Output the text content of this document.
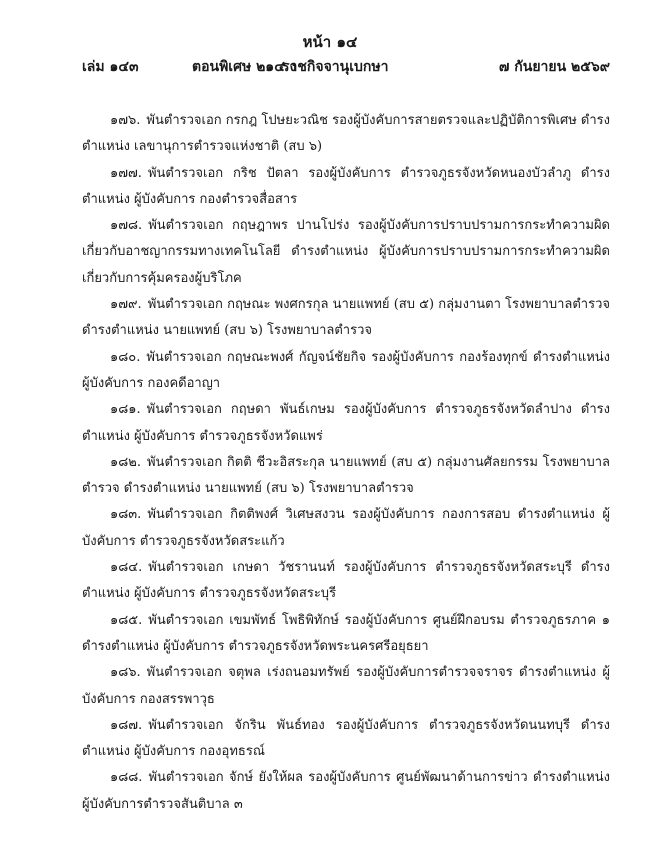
หน้า ๑๔
เล่ม ๑๔๓	ตอนพิเศษ ๒๑๔ ง
ราชกิจจานุเบกษา	๗ กันยายน ๒๕๖๙

๑๗๖. พันตำรวจเอก กรกฎ โปษยะวณิช รองผู้บังคับการสายตรวจและปฏิบัติการพิเศษ ดำรงตำแหน่ง เลขานุการตำรวจแห่งชาติ (สบ ๖)

๑๗๗. พันตำรวจเอก กริช ปัตลา รองผู้บังคับการ ตำรวจภูธรจังหวัดหนองบัวลำภู ดำรงตำแหน่ง ผู้บังคับการ กองตำรวจสื่อสาร

๑๗๘. พันตำรวจเอก กฤษฎาพร ปานโปร่ง รองผู้บังคับการปราบปรามการกระทำความผิดเกี่ยวกับอาชญากรรมทางเทคโนโลยี ดำรงตำแหน่ง ผู้บังคับการปราบปรามการกระทำความผิดเกี่ยวกับการคุ้มครองผู้บริโภค

๑๗๙. พันตำรวจเอก กฤษณะ พงศกรกุล นายแพทย์ (สบ ๕) กลุ่มงานตา โรงพยาบาลตำรวจ ดำรงตำแหน่ง นายแพทย์ (สบ ๖) โรงพยาบาลตำรวจ

๑๘๐. พันตำรวจเอก กฤษณะพงศ์ กัญจน์ชัยกิจ รองผู้บังคับการ กองร้องทุกข์ ดำรงตำแหน่ง ผู้บังคับการ กองคดีอาญา

๑๘๑. พันตำรวจเอก กฤษดา พันธ์เกษม รองผู้บังคับการ ตำรวจภูธรจังหวัดลำปาง ดำรงตำแหน่ง ผู้บังคับการ ตำรวจภูธรจังหวัดแพร่

๑๘๒. พันตำรวจเอก กิตติ ชีวะอิสระกุล นายแพทย์ (สบ ๕) กลุ่มงานศัลยกรรม โรงพยาบาลตำรวจ ดำรงตำแหน่ง นายแพทย์ (สบ ๖) โรงพยาบาลตำรวจ

๑๘๓. พันตำรวจเอก กิตติพงศ์ วิเศษสงวน รองผู้บังคับการ กองการสอบ ดำรงตำแหน่ง ผู้บังคับการ ตำรวจภูธรจังหวัดสระแก้ว

๑๘๔. พันตำรวจเอก เกษดา วัชรานนท์ รองผู้บังคับการ ตำรวจภูธรจังหวัดสระบุรี ดำรงตำแหน่ง ผู้บังคับการ ตำรวจภูธรจังหวัดสระบุรี

๑๘๕. พันตำรวจเอก เขมพัทธ์ โพธิพิทักษ์ รองผู้บังคับการ ศูนย์ฝึกอบรม ตำรวจภูธรภาค ๑ ดำรงตำแหน่ง ผู้บังคับการ ตำรวจภูธรจังหวัดพระนครศรีอยุธยา

๑๘๖. พันตำรวจเอก จตุพล เร่งถนอมทรัพย์ รองผู้บังคับการตำรวจจราจร ดำรงตำแหน่ง ผู้บังคับการ กองสรรพาวุธ

๑๘๗. พันตำรวจเอก จักริน พันธ์ทอง รองผู้บังคับการ ตำรวจภูธรจังหวัดนนทบุรี ดำรงตำแหน่ง ผู้บังคับการ กองอุทธรณ์

๑๘๘. พันตำรวจเอก จักษ์ ยังให้ผล รองผู้บังคับการ ศูนย์พัฒนาด้านการข่าว ดำรงตำแหน่ง ผู้บังคับการตำรวจสันติบาล ๓
